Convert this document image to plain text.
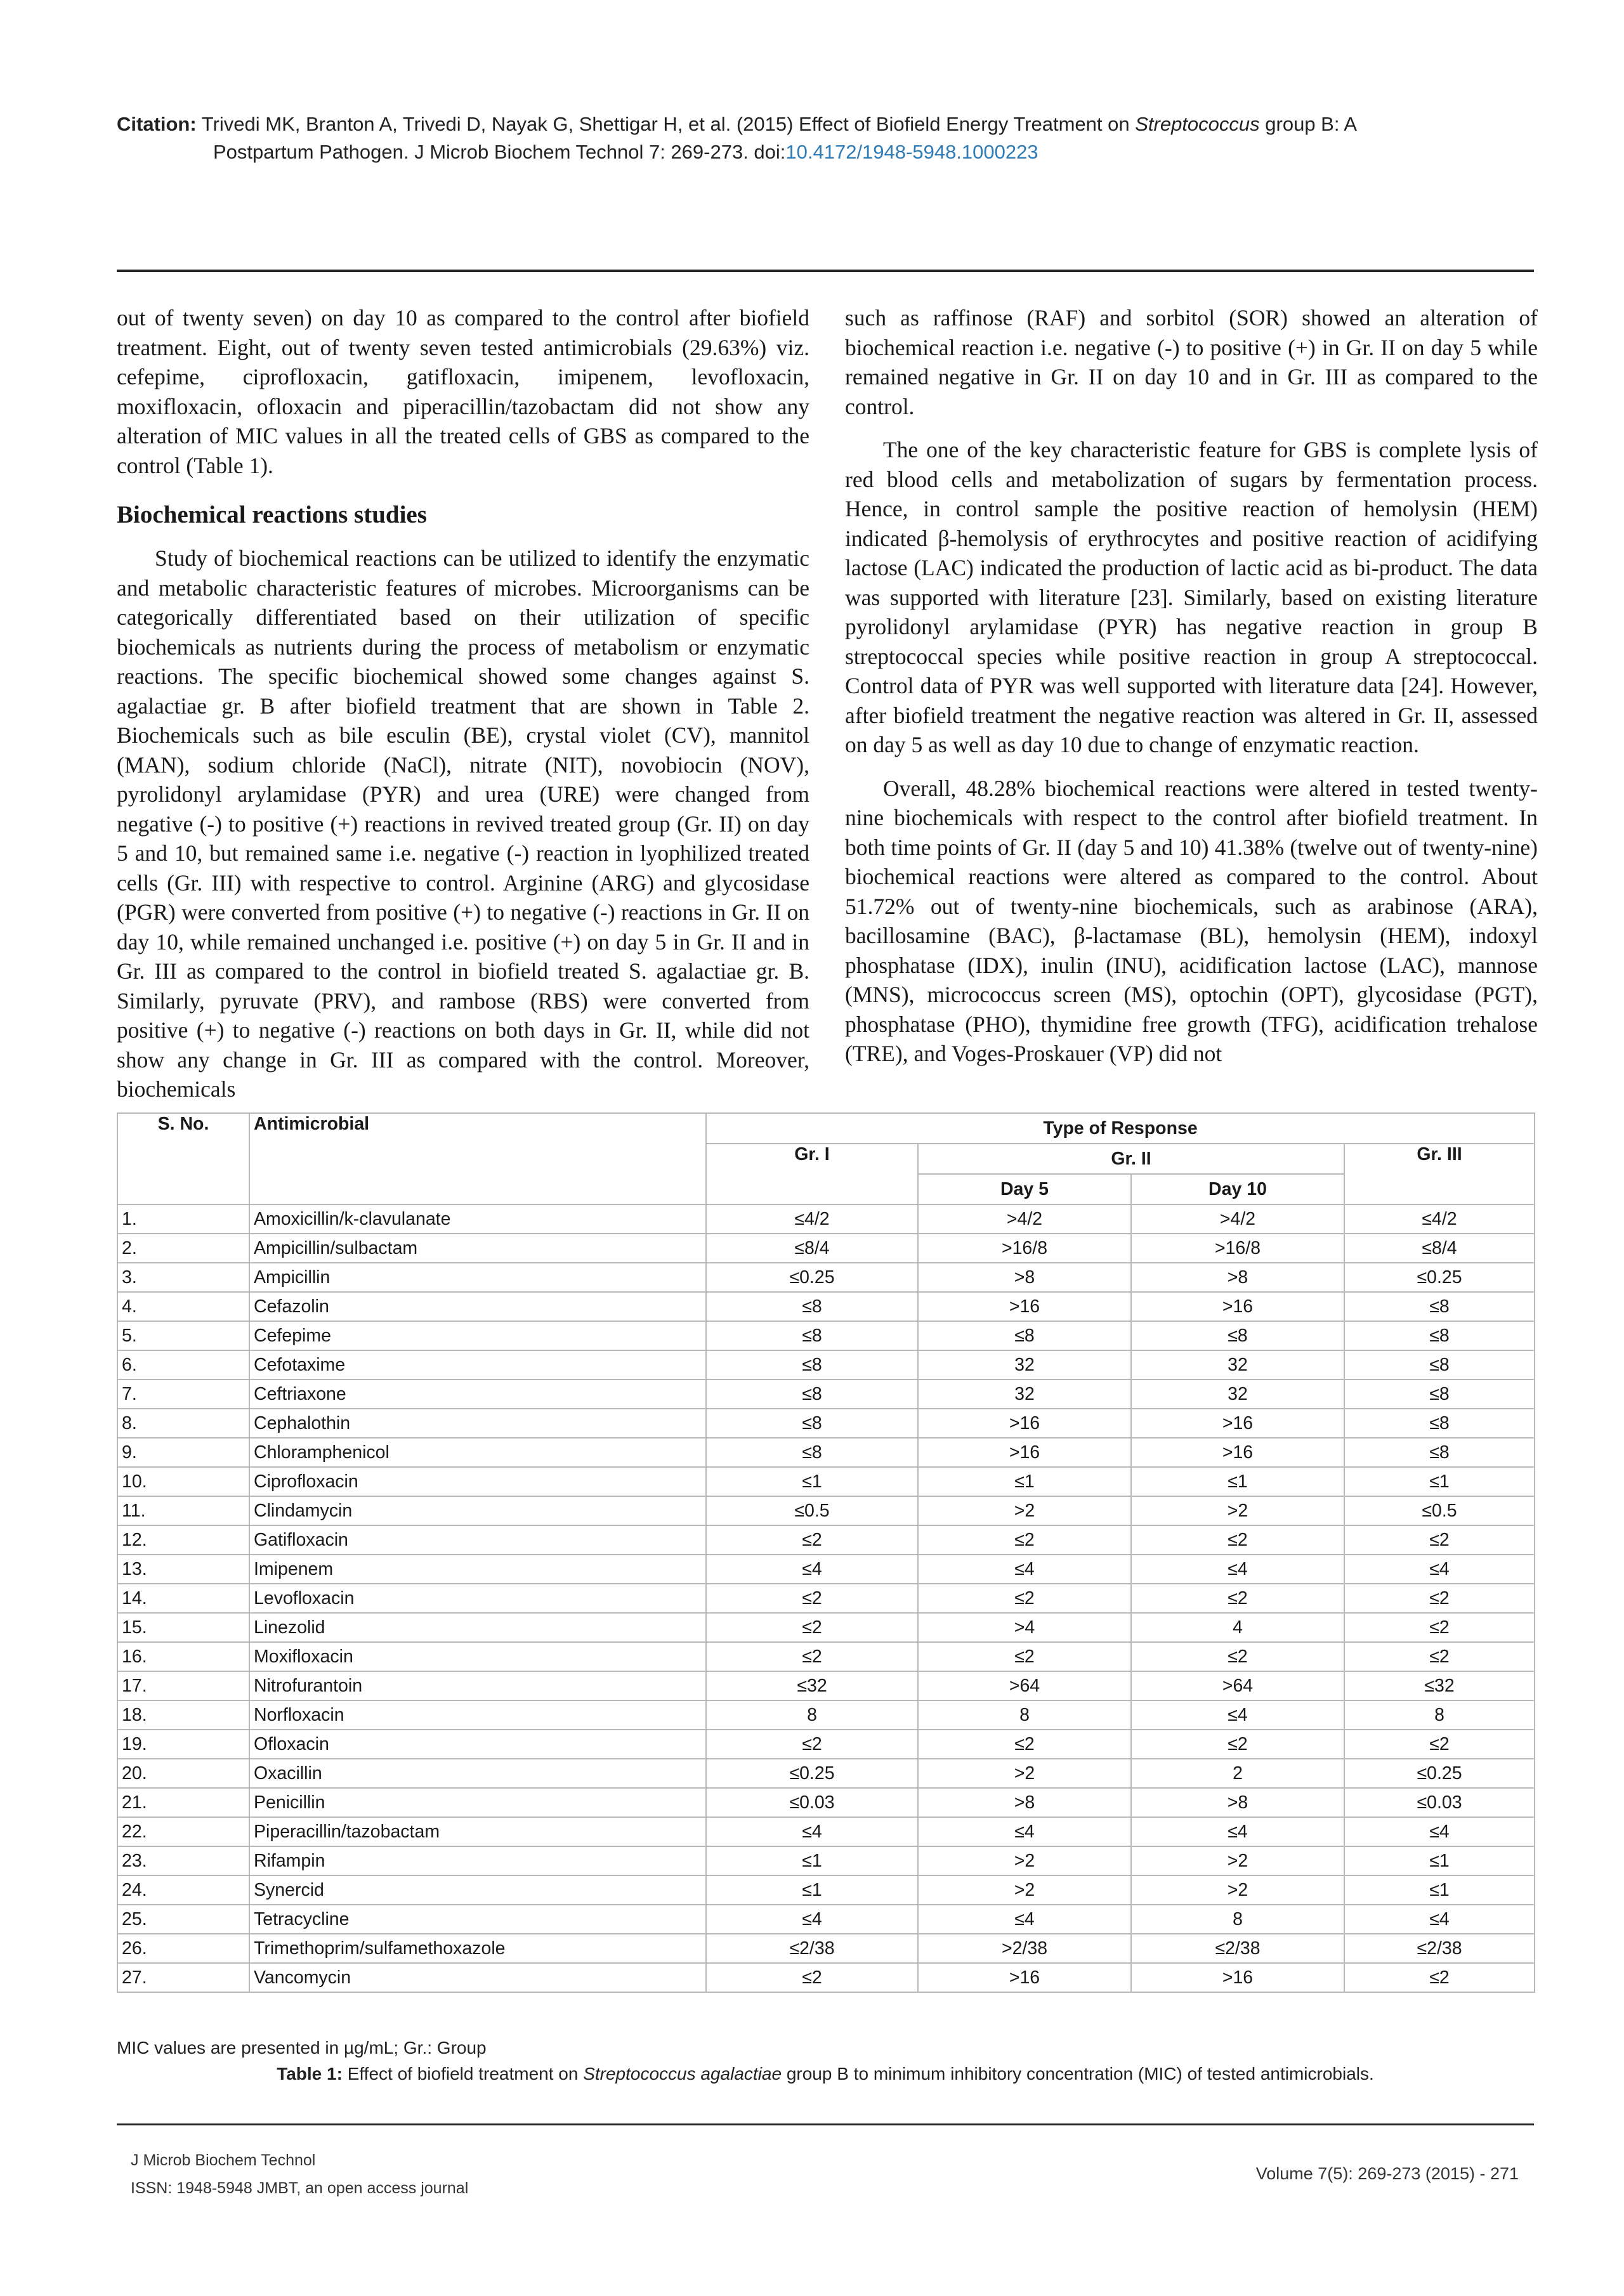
Citation: Trivedi MK, Branton A, Trivedi D, Nayak G, Shettigar H, et al. (2015) Effect of Biofield Energy Treatment on Streptococcus group B: A
Postpartum Pathogen. J Microb Biochem Technol 7: 269-273. doi:10.4172/1948-5948.1000223

out of twenty seven) on day 10 as compared to the control after biofield treatment. Eight, out of twenty seven tested antimicrobials (29.63%) viz. cefepime, ciprofloxacin, gatifloxacin, imipenem, levofloxacin, moxifloxacin, ofloxacin and piperacillin/tazobactam did not show any alteration of MIC values in all the treated cells of GBS as compared to the control (Table 1).

Biochemical reactions studies

Study of biochemical reactions can be utilized to identify the enzymatic and metabolic characteristic features of microbes. Microorganisms can be categorically differentiated based on their utilization of specific biochemicals as nutrients during the process of metabolism or enzymatic reactions. The specific biochemical showed some changes against S. agalactiae gr. B after biofield treatment that are shown in Table 2. Biochemicals such as bile esculin (BE), crystal violet (CV), mannitol (MAN), sodium chloride (NaCl), nitrate (NIT), novobiocin (NOV), pyrolidonyl arylamidase (PYR) and urea (URE) were changed from negative (-) to positive (+) reactions in revived treated group (Gr. II) on day 5 and 10, but remained same i.e. negative (-) reaction in lyophilized treated cells (Gr. III) with respective to control. Arginine (ARG) and glycosidase (PGR) were converted from positive (+) to negative (-) reactions in Gr. II on day 10, while remained unchanged i.e. positive (+) on day 5 in Gr. II and in Gr. III as compared to the control in biofield treated S. agalactiae gr. B. Similarly, pyruvate (PRV), and rambose (RBS) were converted from positive (+) to negative (-) reactions on both days in Gr. II, while did not show any change in Gr. III as compared with the control. Moreover, biochemicals

such as raffinose (RAF) and sorbitol (SOR) showed an alteration of biochemical reaction i.e. negative (-) to positive (+) in Gr. II on day 5 while remained negative in Gr. II on day 10 and in Gr. III as compared to the control.

The one of the key characteristic feature for GBS is complete lysis of red blood cells and metabolization of sugars by fermentation process. Hence, in control sample the positive reaction of hemolysin (HEM) indicated β-hemolysis of erythrocytes and positive reaction of acidifying lactose (LAC) indicated the production of lactic acid as bi-product. The data was supported with literature [23]. Similarly, based on existing literature pyrolidonyl arylamidase (PYR) has negative reaction in group B streptococcal species while positive reaction in group A streptococcal. Control data of PYR was well supported with literature data [24]. However, after biofield treatment the negative reaction was altered in Gr. II, assessed on day 5 as well as day 10 due to change of enzymatic reaction.

Overall, 48.28% biochemical reactions were altered in tested twenty-nine biochemicals with respect to the control after biofield treatment. In both time points of Gr. II (day 5 and 10) 41.38% (twelve out of twenty-nine) biochemical reactions were altered as compared to the control. About 51.72% out of twenty-nine biochemicals, such as arabinose (ARA), bacillosamine (BAC), β-lactamase (BL), hemolysin (HEM), indoxyl phosphatase (IDX), inulin (INU), acidification lactose (LAC), mannose (MNS), micrococcus screen (MS), optochin (OPT), glycosidase (PGT), phosphatase (PHO), thymidine free growth (TFG), acidification trehalose (TRE), and Voges-Proskauer (VP) did not

S. No.	Antimicrobial	Type of Response			
		Gr. I	Gr. II		Gr. III
			Day 5	Day 10	
1.	Amoxicillin/k-clavulanate	≤4/2	>4/2	>4/2	≤4/2
2.	Ampicillin/sulbactam	≤8/4	>16/8	>16/8	≤8/4
3.	Ampicillin	≤0.25	>8	>8	≤0.25
4.	Cefazolin	≤8	>16	>16	≤8
5.	Cefepime	≤8	≤8	≤8	≤8
6.	Cefotaxime	≤8	32	32	≤8
7.	Ceftriaxone	≤8	32	32	≤8
8.	Cephalothin	≤8	>16	>16	≤8
9.	Chloramphenicol	≤8	>16	>16	≤8
10.	Ciprofloxacin	≤1	≤1	≤1	≤1
11.	Clindamycin	≤0.5	>2	>2	≤0.5
12.	Gatifloxacin	≤2	≤2	≤2	≤2
13.	Imipenem	≤4	≤4	≤4	≤4
14.	Levofloxacin	≤2	≤2	≤2	≤2
15.	Linezolid	≤2	>4	4	≤2
16.	Moxifloxacin	≤2	≤2	≤2	≤2
17.	Nitrofurantoin	≤32	>64	>64	≤32
18.	Norfloxacin	8	8	≤4	8
19.	Ofloxacin	≤2	≤2	≤2	≤2
20.	Oxacillin	≤0.25	>2	2	≤0.25
21.	Penicillin	≤0.03	>8	>8	≤0.03
22.	Piperacillin/tazobactam	≤4	≤4	≤4	≤4
23.	Rifampin	≤1	>2	>2	≤1
24.	Synercid	≤1	>2	>2	≤1
25.	Tetracycline	≤4	≤4	8	≤4
26.	Trimethoprim/sulfamethoxazole	≤2/38	>2/38	≤2/38	≤2/38
27.	Vancomycin	≤2	>16	>16	≤2
MIC values are presented in µg/mL; Gr.: Group
Table 1: Effect of biofield treatment on Streptococcus agalactiae group B to minimum inhibitory concentration (MIC) of tested antimicrobials.
J Microb Biochem Technol
ISSN: 1948-5948 JMBT, an open access journal
Volume 7(5): 269-273 (2015) - 271
